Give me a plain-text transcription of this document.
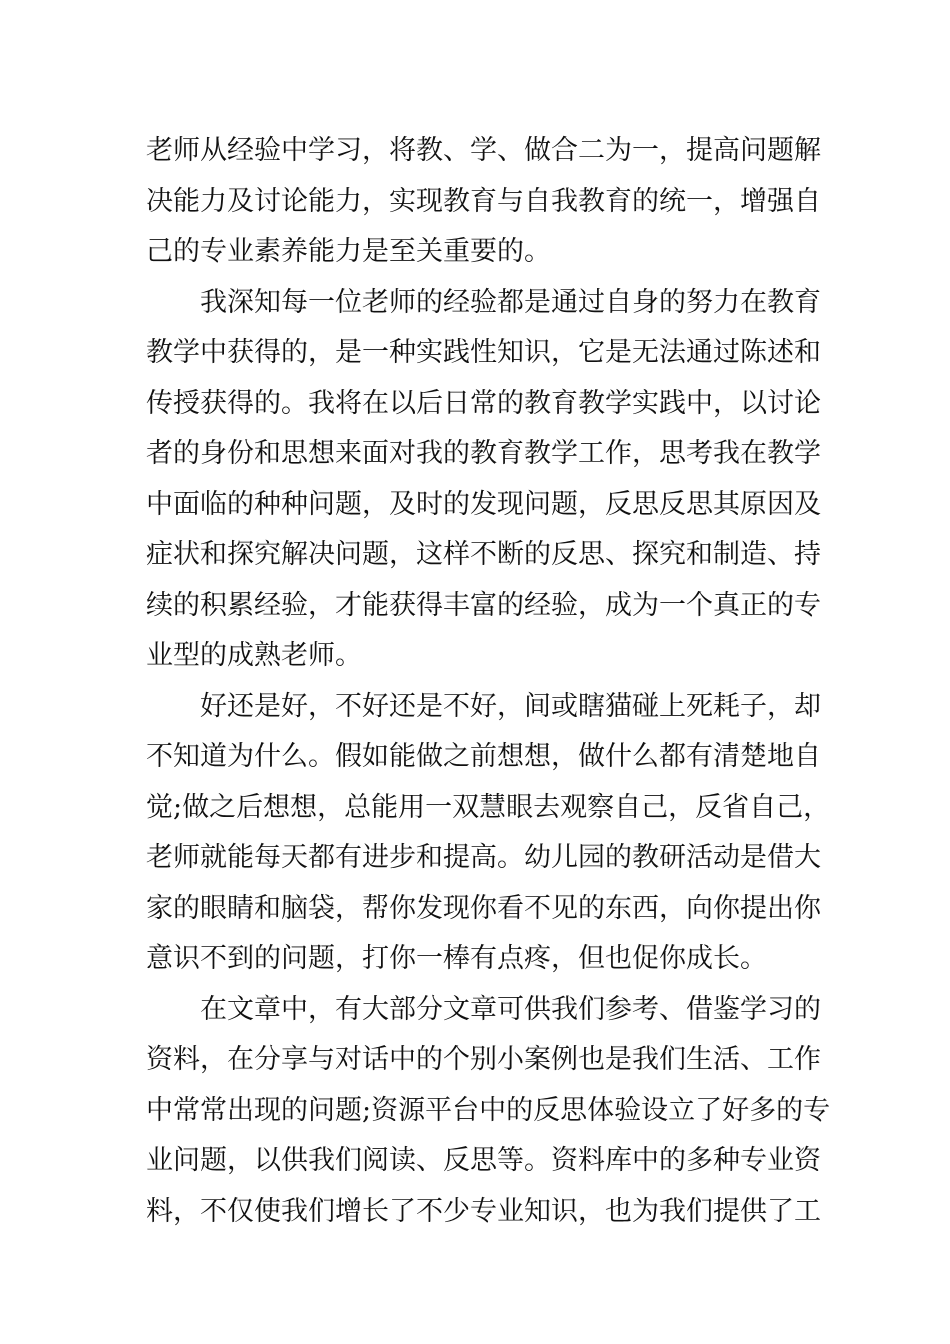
老师从经验中学习，将教、学、做合二为一，提高问题解
决能力及讨论能力，实现教育与自我教育的统一，增强自
己的专业素养能力是至关重要的。
我深知每一位老师的经验都是通过自身的努力在教育
教学中获得的，是一种实践性知识，它是无法通过陈述和
传授获得的。我将在以后日常的教育教学实践中，以讨论
者的身份和思想来面对我的教育教学工作，思考我在教学
中面临的种种问题，及时的发现问题，反思反思其原因及
症状和探究解决问题，这样不断的反思、探究和制造、持
续的积累经验，才能获得丰富的经验，成为一个真正的专
业型的成熟老师。
好还是好，不好还是不好，间或瞎猫碰上死耗子，却
不知道为什么。假如能做之前想想，做什么都有清楚地自
觉;做之后想想，总能用一双慧眼去观察自己，反省自己，
老师就能每天都有进步和提高。幼儿园的教研活动是借大
家的眼睛和脑袋，帮你发现你看不见的东西，向你提出你
意识不到的问题，打你一棒有点疼，但也促你成长。
在文章中，有大部分文章可供我们参考、借鉴学习的
资料，在分享与对话中的个别小案例也是我们生活、工作
中常常出现的问题;资源平台中的反思体验设立了好多的专
业问题，以供我们阅读、反思等。资料库中的多种专业资
料，不仅使我们增长了不少专业知识，也为我们提供了工
